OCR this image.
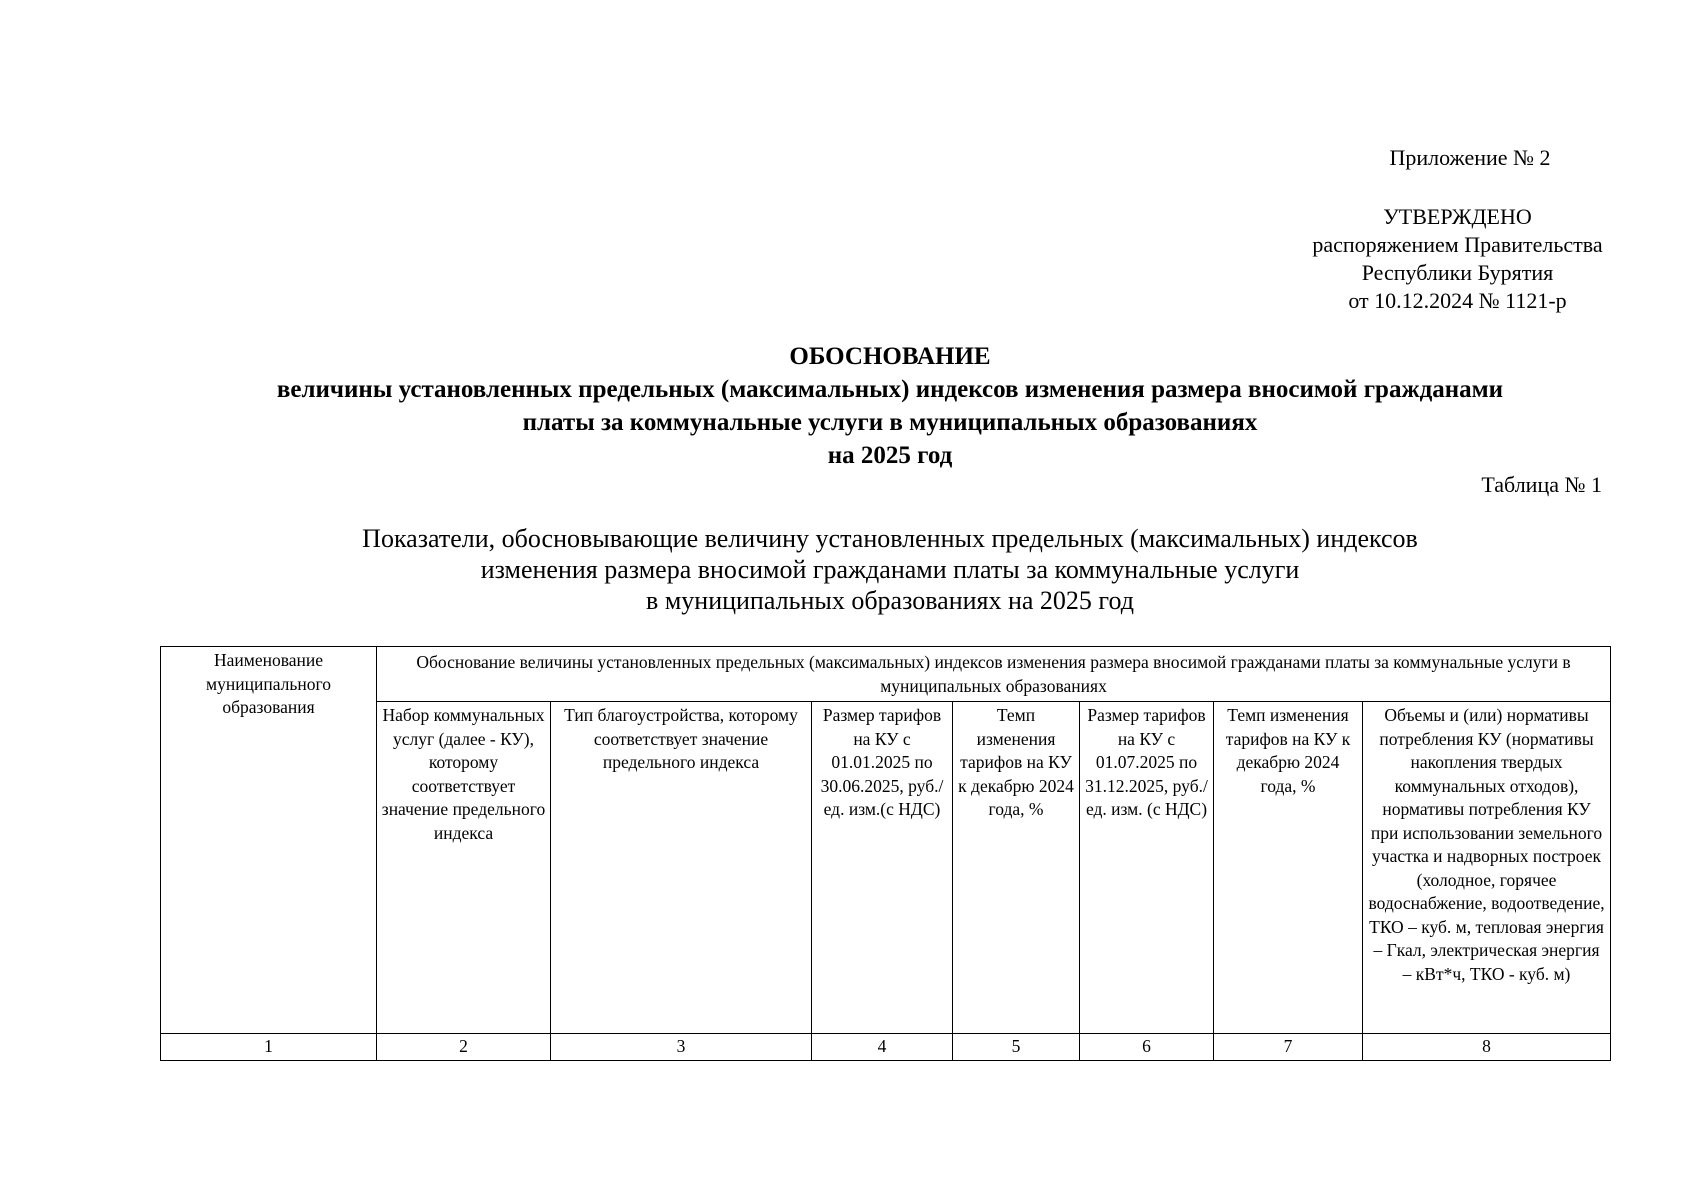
Приложение № 2
УТВЕРЖДЕНО
распоряжением Правительства
Республики Бурятия
от 10.12.2024 № 1121-р
ОБОСНОВАНИЕ
величины установленных предельных (максимальных) индексов изменения размера вносимой гражданами
платы за коммунальные услуги в муниципальных образованиях
на 2025 год
Таблица № 1
Показатели, обосновывающие величину установленных предельных (максимальных) индексов
изменения размера вносимой гражданами платы за коммунальные услуги
в муниципальных образованиях на 2025 год
Наименование муниципального образования	Обоснование величины установленных предельных (максимальных) индексов изменения размера вносимой гражданами платы за коммунальные услуги в муниципальных образованиях						
	Набор коммунальных услуг (далее - КУ), которому соответствует значение предельного индекса	Тип благоустройства, которому соответствует значение предельного индекса	Размер тарифов на КУ с 01.01.2025 по 30.06.2025, руб./ед. изм.(с НДС)	Темп изменения тарифов на КУ к декабрю 2024 года, %	Размер тарифов на КУ с 01.07.2025 по 31.12.2025, руб./ед. изм. (с НДС)	Темп изменения тарифов на КУ к декабрю 2024 года, %	Объемы и (или) нормативы потребления КУ (нормативы накопления твердых коммунальных отходов), нормативы потребления КУ при использовании земельного участка и надворных построек (холодное, горячее водоснабжение, водоотведение, ТКО – куб. м, тепловая энергия – Гкал, электрическая энергия – кВт*ч, ТКО - куб. м)
1	2	3	4	5	6	7	8
